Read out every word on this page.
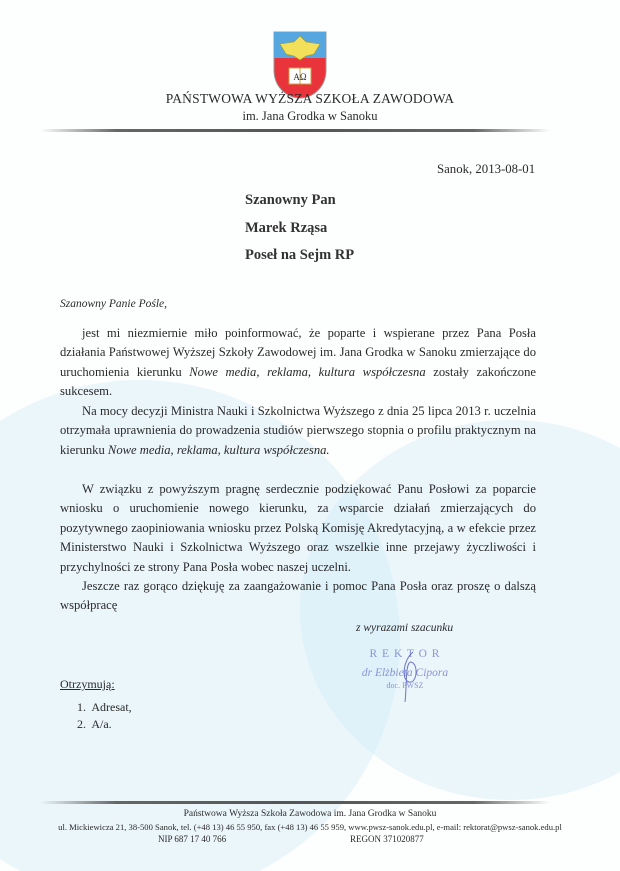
AΩ
PAŃSTWOWA WYŻSZA SZKOŁA ZAWODOWA
im. Jana Grodka w Sanoku
Sanok, 2013-08-01
Szanowny Pan
Marek Rząsa
Poseł na Sejm RP
Szanowny Panie Pośle,
jest mi niezmiernie miło poinformować, że poparte i wspierane przez Pana Posła działania Państwowej Wyższej Szkoły Zawodowej im. Jana Grodka w Sanoku zmierzające do uruchomienia kierunku Nowe media, reklama, kultura współczesna zostały zakończone sukcesem.
Na mocy decyzji Ministra Nauki i Szkolnictwa Wyższego z dnia 25 lipca 2013 r. uczelnia otrzymała uprawnienia do prowadzenia studiów pierwszego stopnia o profilu praktycznym na kierunku Nowe media, reklama, kultura współczesna.
W związku z powyższym pragnę serdecznie podziękować Panu Posłowi za poparcie wniosku o uruchomienie nowego kierunku, za wsparcie działań zmierzających do pozytywnego zaopiniowania wniosku przez Polską Komisję Akredytacyjną, a w efekcie przez Ministerstwo Nauki i Szkolnictwa Wyższego oraz wszelkie inne przejawy życzliwości i przychylności ze strony Pana Posła wobec naszej uczelni.
Jeszcze raz gorąco dziękuję za zaangażowanie i pomoc Pana Posła oraz proszę o dalszą współpracę
z wyrazami szacunku
R E K T O R
dr Elżbieta Cipora
doc. PWSZ
Otrzymują:
1.  Adresat,
2.  A/a.
Państwowa Wyższa Szkoła Zawodowa im. Jana Grodka w Sanoku
ul. Mickiewicza 21, 38-500 Sanok, tel. (+48 13) 46 55 950, fax (+48 13) 46 55 959, www.pwsz-sanok.edu.pl, e-mail: rektorat@pwsz-sanok.edu.pl
NIP 687 17 40 766	REGON 371020877
